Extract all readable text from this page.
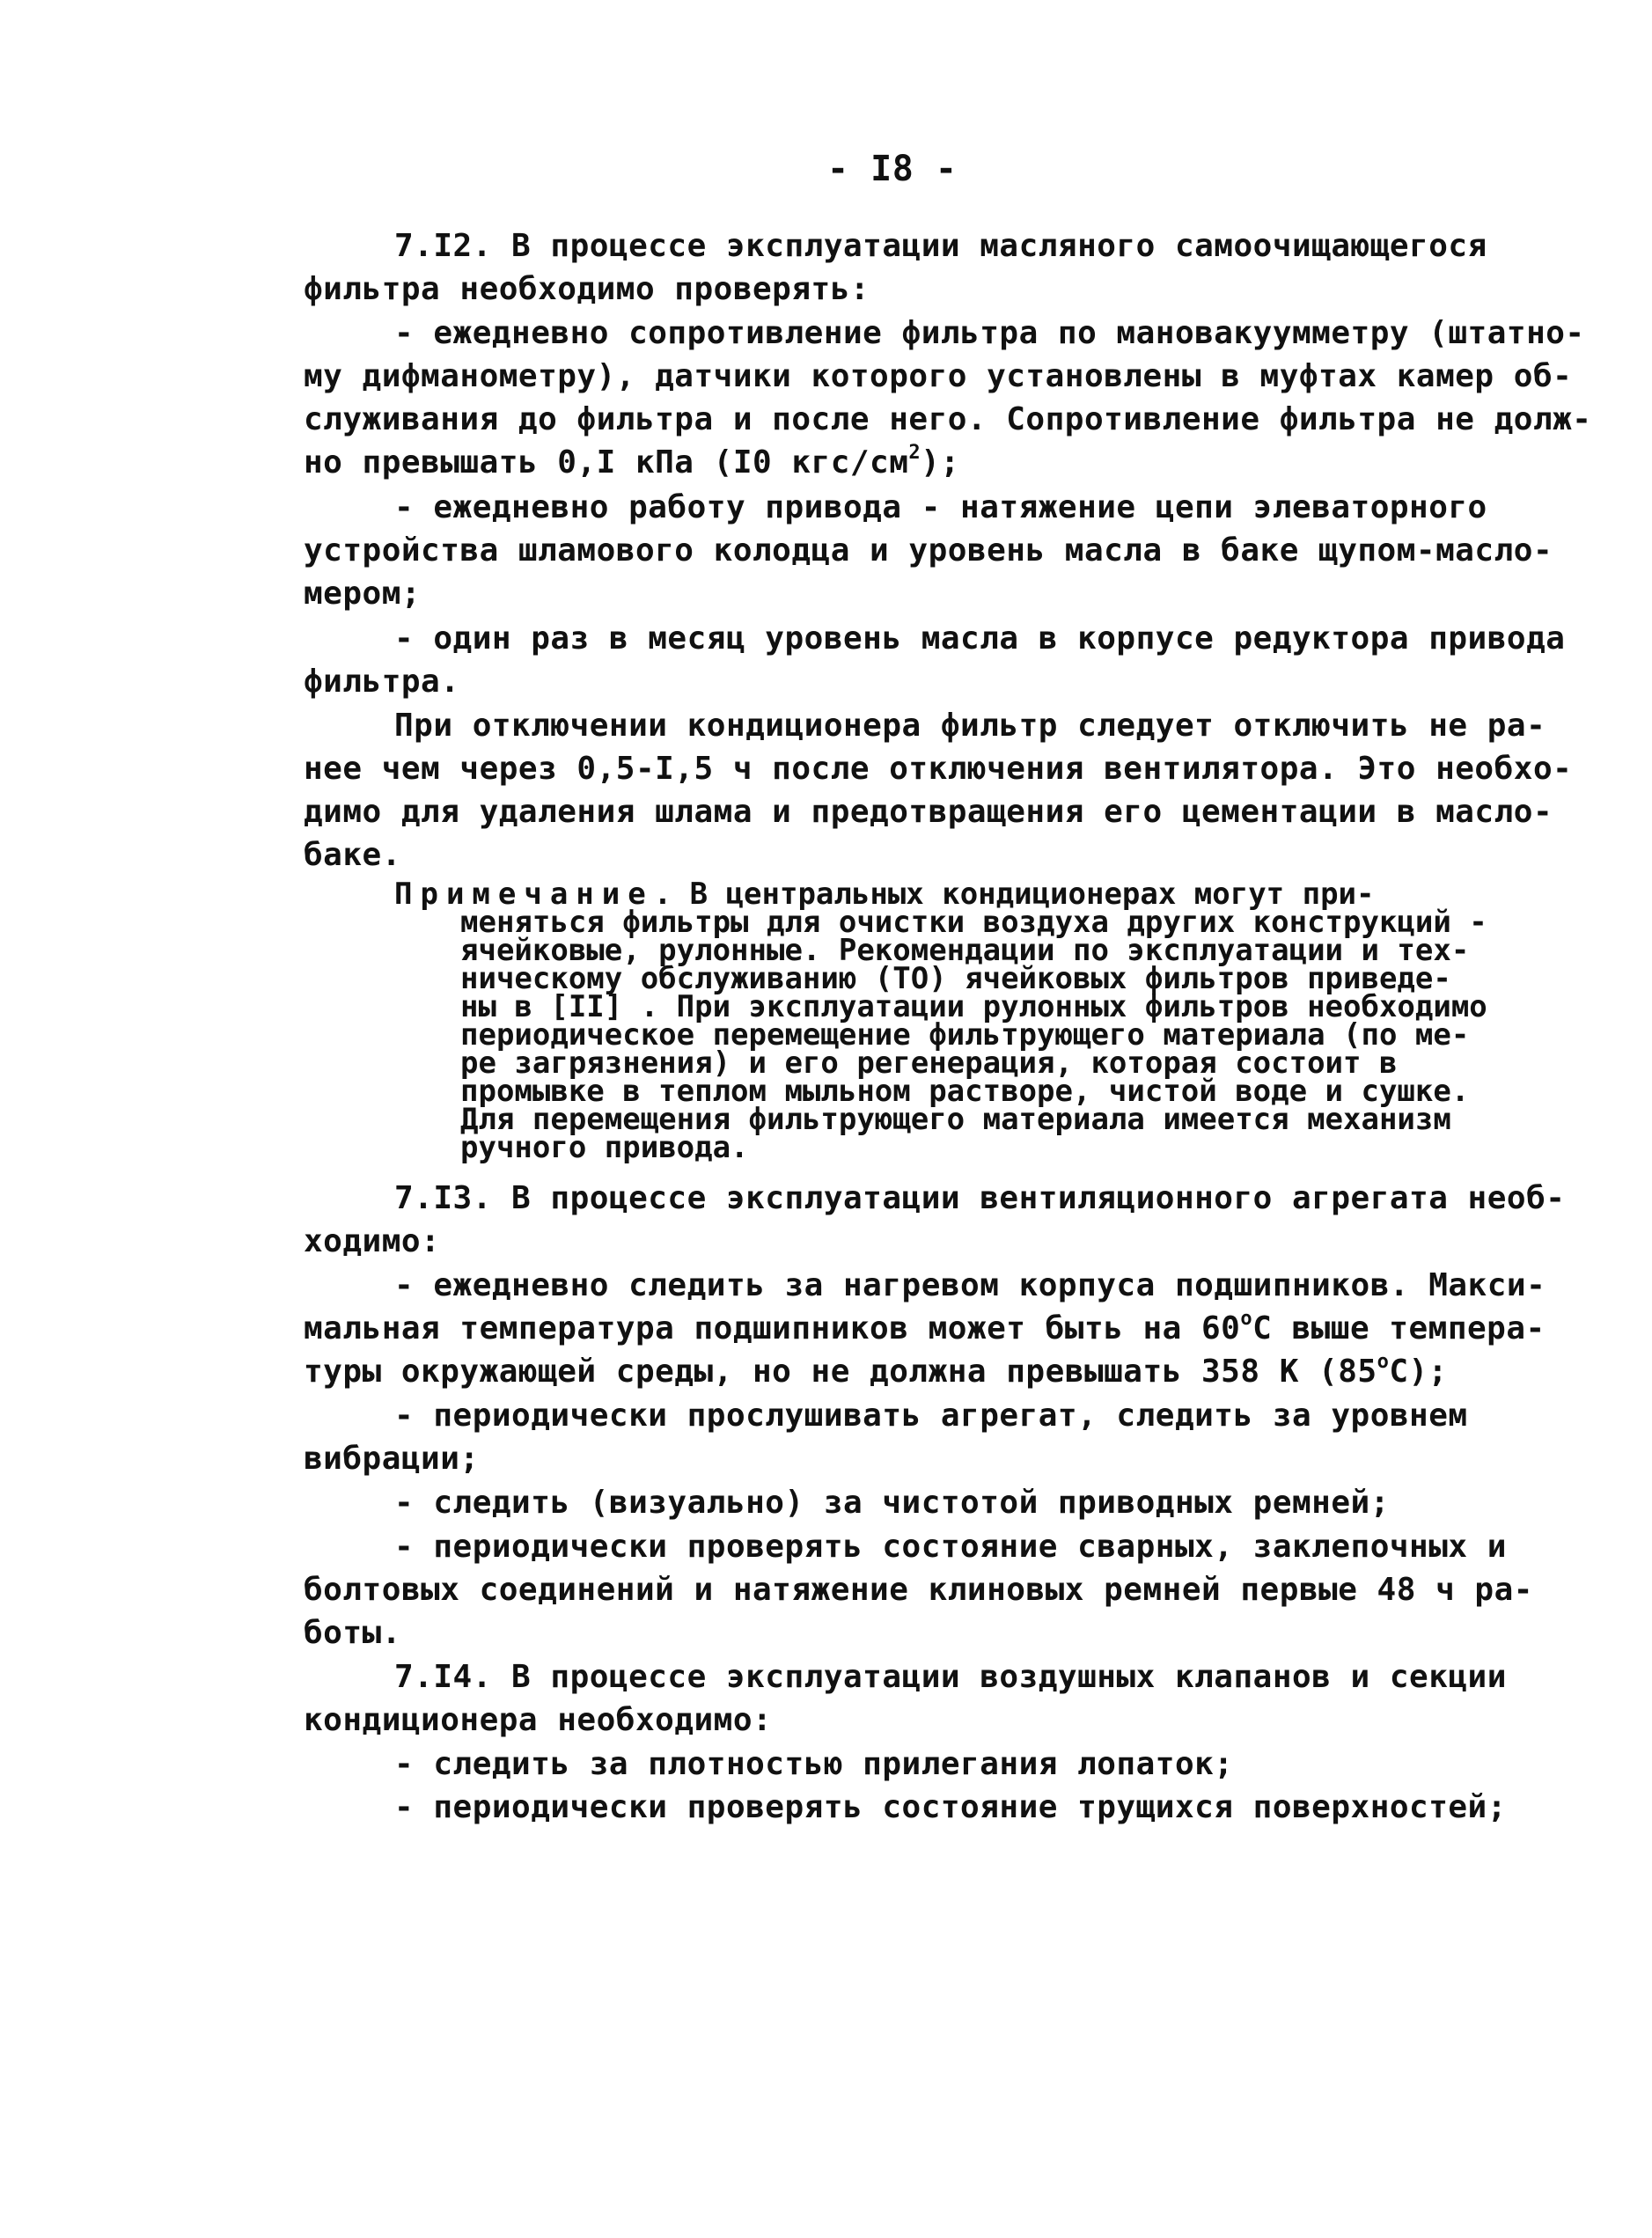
- I8 -
7.I2. В процессе эксплуатации масляного самоочищающегося
фильтра необходимо проверять:
- ежедневно сопротивление фильтра по мановакуумметру (штатно-
му дифманометру), датчики которого установлены в муфтах камер об-
служивания до фильтра и после него. Сопротивление фильтра не долж-
но превышать 0,I кПа (I0 кгс/$см^2$);
- ежедневно работу привода - натяжение цепи элеваторного
устройства шламового колодца и уровень масла в баке щупом-масло-
мером;
- один раз в месяц уровень масла в корпусе редуктора привода
фильтра.
При отключении кондиционера фильтр следует отключить не ра-
нее чем через 0,5-I,5 ч после отключения вентилятора. Это необхо-
димо для удаления шлама и предотвращения его цементации в масло-
баке.
Примечание. В центральных кондиционерах могут при-
меняться фильтры для очистки воздуха других конструкций -
ячейковые, рулонные. Рекомендации по эксплуатации и тех-
ническому обслуживанию (ТО) ячейковых фильтров приведе-
ны в [II] . При эксплуатации рулонных фильтров необходимо
периодическое перемещение фильтрующего материала (по ме-
ре загрязнения) и его регенерация, которая состоит в
промывке в теплом мыльном растворе, чистой воде и сушке.
Для перемещения фильтрующего материала имеется механизм
ручного привода.
7.I3. В процессе эксплуатации вентиляционного агрегата необ-
ходимо:
- ежедневно следить за нагревом корпуса подшипников. Макси-
мальная температура подшипников может быть на $60^оС$ выше темпера-
туры окружающей среды, но не должна превышать 358 К $(85^оС)$;
- периодически прослушивать агрегат, следить за уровнем
вибрации;
- следить (визуально) за чистотой приводных ремней;
- периодически проверять состояние сварных, заклепочных и
болтовых соединений и натяжение клиновых ремней первые 48 ч ра-
боты.
7.I4. В процессе эксплуатации воздушных клапанов и секции
кондиционера необходимо:
- следить за плотностью прилегания лопаток;
- периодически проверять состояние трущихся поверхностей;
